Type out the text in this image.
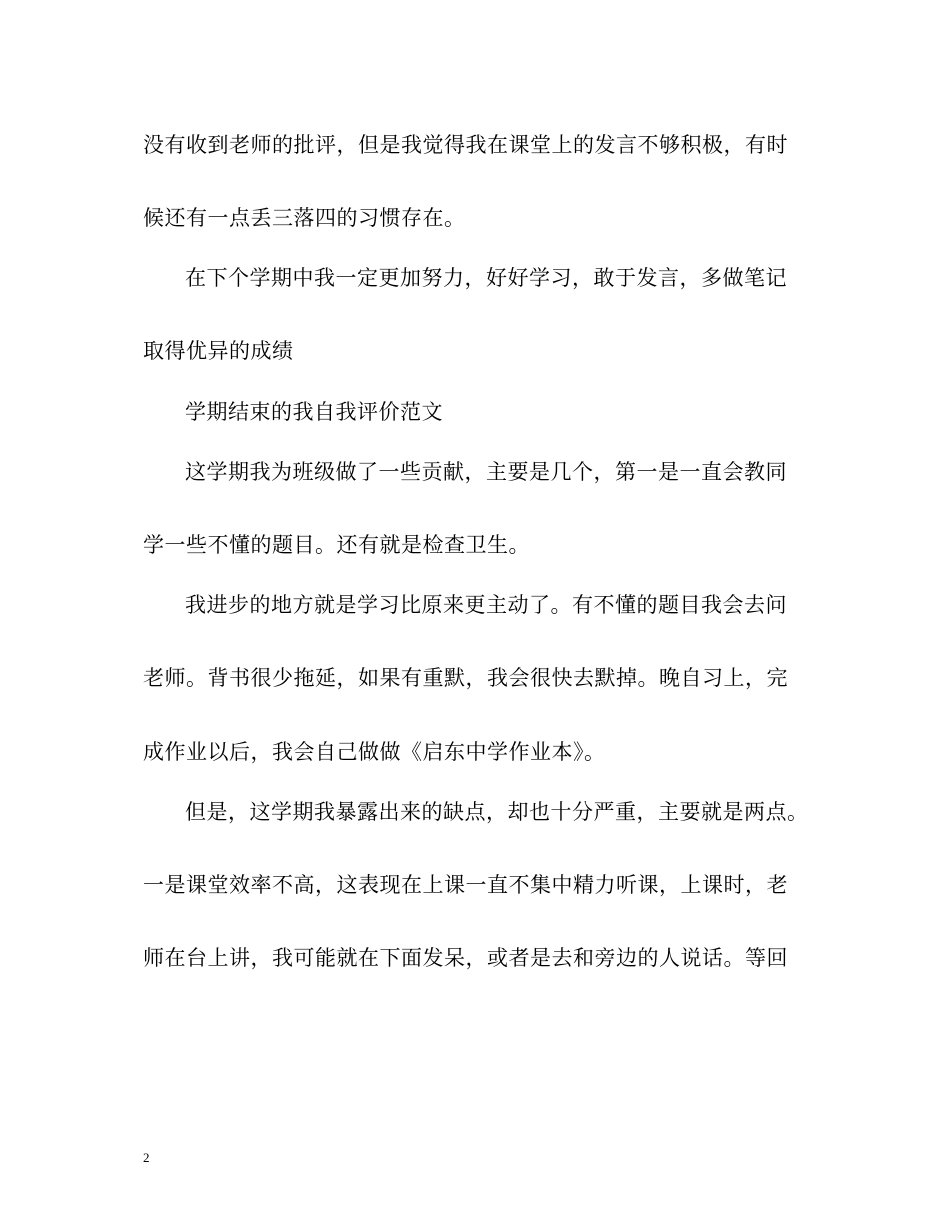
没有收到老师的批评，但是我觉得我在课堂上的发言不够积极，有时
候还有一点丢三落四的习惯存在。
在下个学期中我一定更加努力，好好学习，敢于发言，多做笔记
取得优异的成绩
学期结束的我自我评价范文
这学期我为班级做了一些贡献，主要是几个，第一是一直会教同
学一些不懂的题目。还有就是检查卫生。
我进步的地方就是学习比原来更主动了。有不懂的题目我会去问
老师。背书很少拖延，如果有重默，我会很快去默掉。晚自习上，完
成作业以后，我会自己做做《启东中学作业本》。
但是，这学期我暴露出来的缺点，却也十分严重，主要就是两点。
一是课堂效率不高，这表现在上课一直不集中精力听课，上课时，老
师在台上讲，我可能就在下面发呆，或者是去和旁边的人说话。等回
2
